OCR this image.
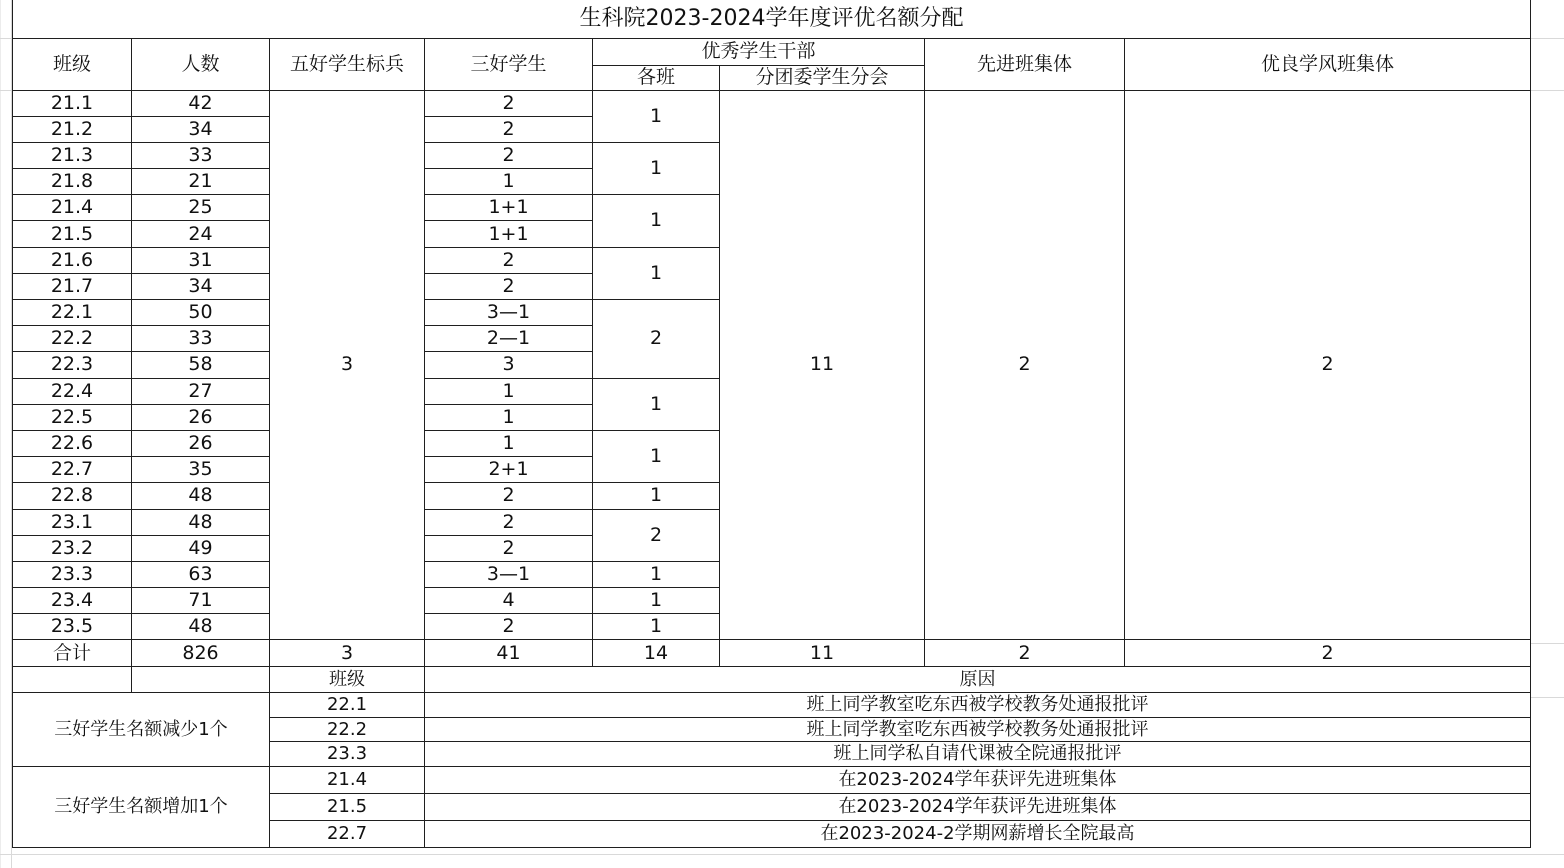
生科院2023-2024学年度评优名额分配							
班级	人数	五好学生标兵	三好学生	优秀学生干部		先进班集体	优良学风班集体
				各班	分团委学生分会		
21.1	42	3	2	1	11	2	2
21.2	34		2				
21.3	33		2	1			
21.8	21		1				
21.4	25		1+1	1			
21.5	24		1+1				
21.6	31		2	1			
21.7	34		2				
22.1	50		3—1	2			
22.2	33		2—1				
22.3	58		3				
22.4	27		1	1			
22.5	26		1				
22.6	26		1	1			
22.7	35		2+1				
22.8	48		2	1			
23.1	48		2	2			
23.2	49		2				
23.3	63		3—1	1			
23.4	71		4	1			
23.5	48		2	1			
合计	826	3	41	14	11	2	2
		班级	原因				
三好学生名额减少1个		22.1	班上同学教室吃东西被学校教务处通报批评				
		22.2	班上同学教室吃东西被学校教务处通报批评				
		23.3	班上同学私自请代课被全院通报批评				
三好学生名额增加1个		21.4	在2023-2024学年获评先进班集体				
		21.5	在2023-2024学年获评先进班集体				
		22.7	在2023-2024-2学期网薪增长全院最高				
